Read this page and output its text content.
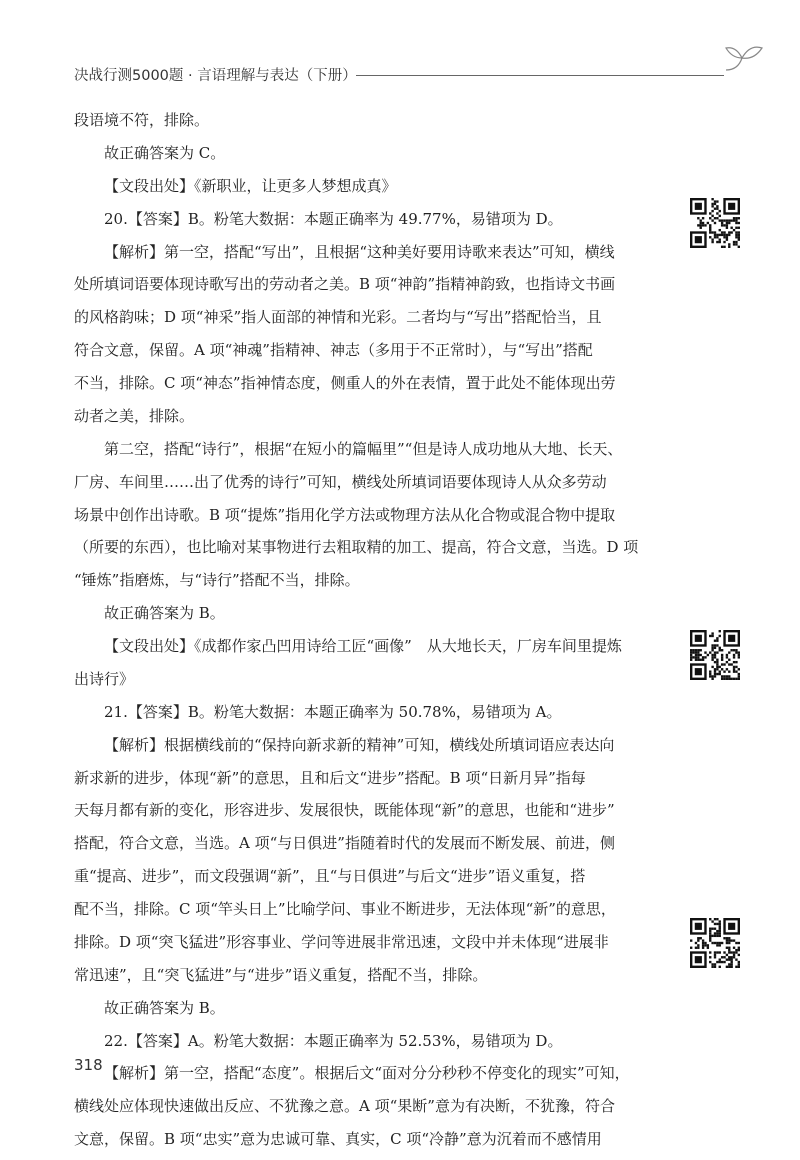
决战行测5000题 · 言语理解与表达（下册）
段语境不符，排除。
故正确答案为 C。
【文段出处】《新职业，让更多人梦想成真》
20.【答案】B。粉笔大数据：本题正确率为 49.77%，易错项为 D。
【解析】第一空，搭配“写出”，且根据“这种美好要用诗歌来表达”可知，横线
处所填词语要体现诗歌写出的劳动者之美。B 项“神韵”指精神韵致，也指诗文书画
的风格韵味；D 项“神采”指人面部的神情和光彩。二者均与“写出”搭配恰当，且
符合文意，保留。A 项“神魂”指精神、神志（多用于不正常时），与“写出”搭配
不当，排除。C 项“神态”指神情态度，侧重人的外在表情，置于此处不能体现出劳
动者之美，排除。
第二空，搭配“诗行”，根据“在短小的篇幅里”“但是诗人成功地从大地、长天、
厂房、车间里……出了优秀的诗行”可知，横线处所填词语要体现诗人从众多劳动
场景中创作出诗歌。B 项“提炼”指用化学方法或物理方法从化合物或混合物中提取
（所要的东西），也比喻对某事物进行去粗取精的加工、提高，符合文意，当选。D 项
“锤炼”指磨炼，与“诗行”搭配不当，排除。
故正确答案为 B。
【文段出处】《成都作家凸凹用诗给工匠“画像”　从大地长天，厂房车间里提炼
出诗行》
21.【答案】B。粉笔大数据：本题正确率为 50.78%，易错项为 A。
【解析】根据横线前的“保持向新求新的精神”可知，横线处所填词语应表达向
新求新的进步，体现“新”的意思，且和后文“进步”搭配。B 项“日新月异”指每
天每月都有新的变化，形容进步、发展很快，既能体现“新”的意思，也能和“进步”
搭配，符合文意，当选。A 项“与日俱进”指随着时代的发展而不断发展、前进，侧
重“提高、进步”，而文段强调“新”，且“与日俱进”与后文“进步”语义重复，搭
配不当，排除。C 项“竿头日上”比喻学问、事业不断进步，无法体现“新”的意思，
排除。D 项“突飞猛进”形容事业、学问等进展非常迅速，文段中并未体现“进展非
常迅速”，且“突飞猛进”与“进步”语义重复，搭配不当，排除。
故正确答案为 B。
22.【答案】A。粉笔大数据：本题正确率为 52.53%，易错项为 D。
【解析】第一空，搭配“态度”。根据后文“面对分分秒秒不停变化的现实”可知，
横线处应体现快速做出反应、不犹豫之意。A 项“果断”意为有决断，不犹豫，符合
文意，保留。B 项“忠实”意为忠诚可靠、真实，C 项“冷静”意为沉着而不感情用
318
